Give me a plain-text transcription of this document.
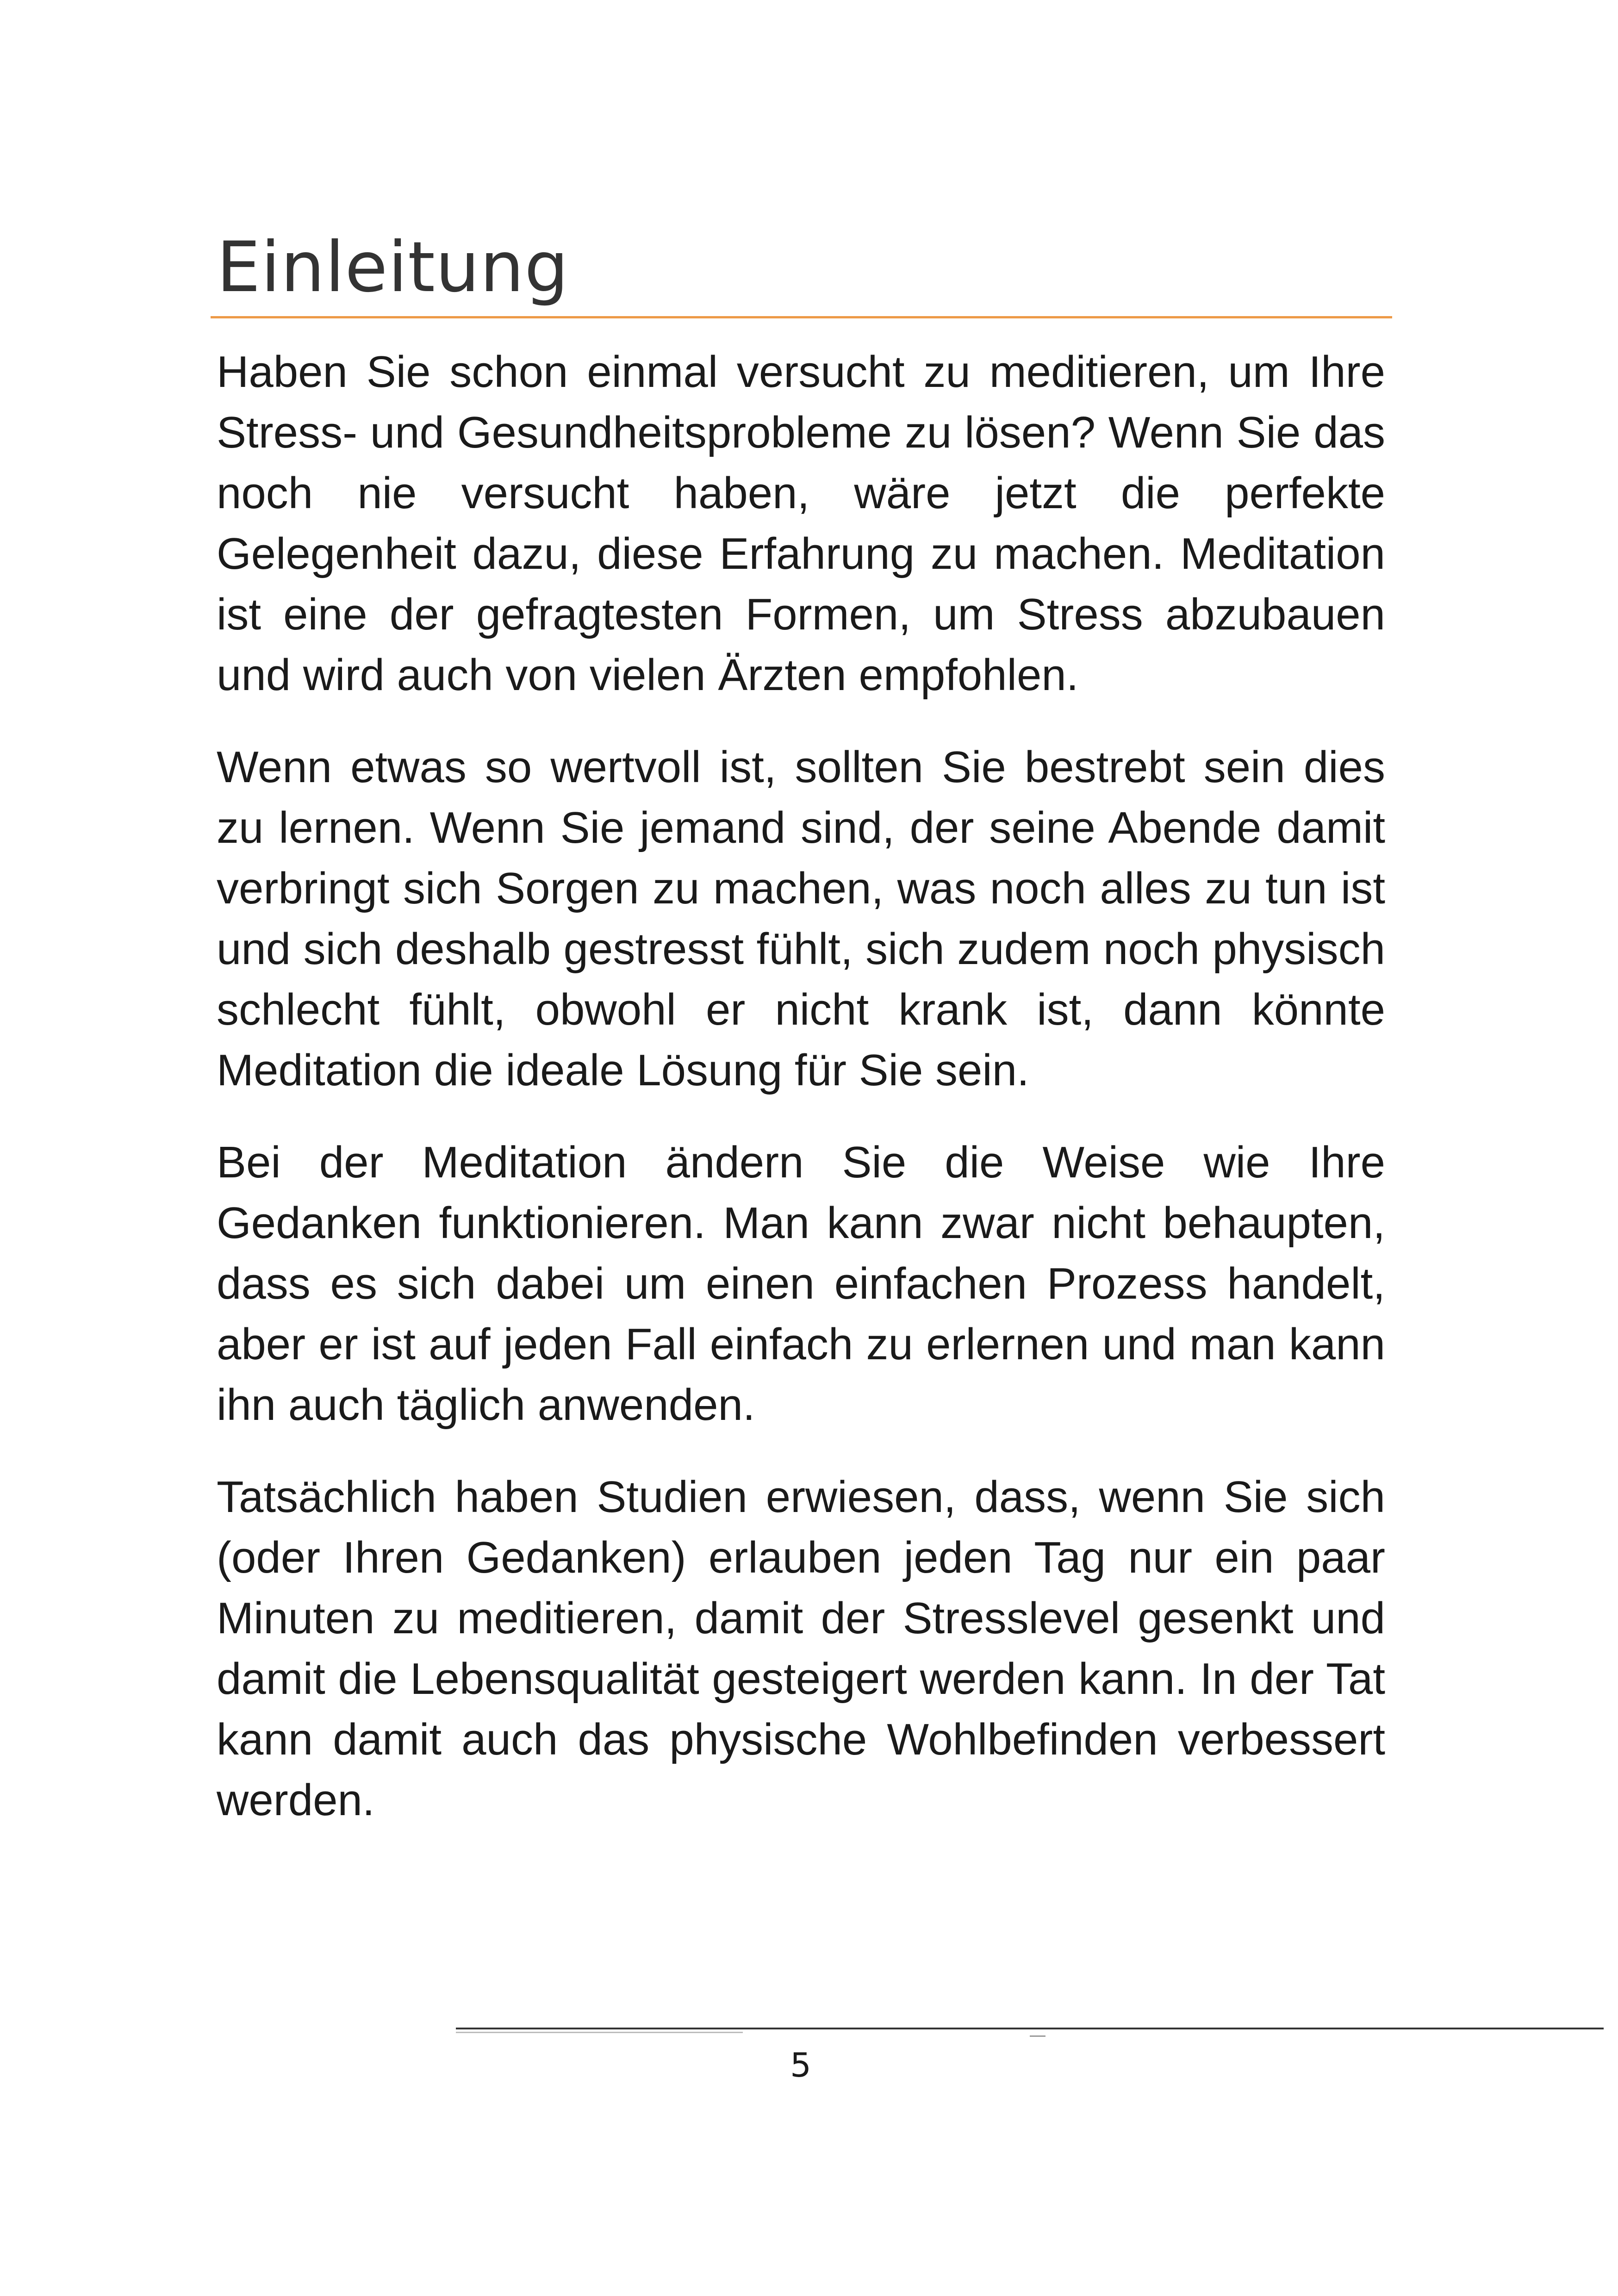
Einleitung

Haben Sie schon einmal versucht zu meditieren, um Ihre Stress- und Gesundheitsprobleme zu lösen? Wenn Sie das noch nie versucht haben, wäre jetzt die perfekte Gelegenheit dazu, diese Erfahrung zu machen. Meditation ist eine der gefragtesten Formen, um Stress abzubauen und wird auch von vielen Ärzten empfohlen.

Wenn etwas so wertvoll ist, sollten Sie bestrebt sein dies zu lernen. Wenn Sie jemand sind, der seine Abende damit verbringt sich Sorgen zu machen, was noch alles zu tun ist und sich deshalb gestresst fühlt, sich zudem noch physisch schlecht fühlt, obwohl er nicht krank ist, dann könnte Meditation die ideale Lösung für Sie sein.

Bei der Meditation ändern Sie die Weise wie Ihre Gedanken funktionieren. Man kann zwar nicht behaupten, dass es sich dabei um einen einfachen Prozess handelt, aber er ist auf jeden Fall einfach zu erlernen und man kann ihn auch täglich anwenden.

Tatsächlich haben Studien erwiesen, dass, wenn Sie sich (oder Ihren Gedanken) erlauben jeden Tag nur ein paar Minuten zu meditieren, damit der Stresslevel gesenkt und damit die Lebensqualität gesteigert werden kann. In der Tat kann damit auch das physische Wohlbefinden verbessert werden.

5
